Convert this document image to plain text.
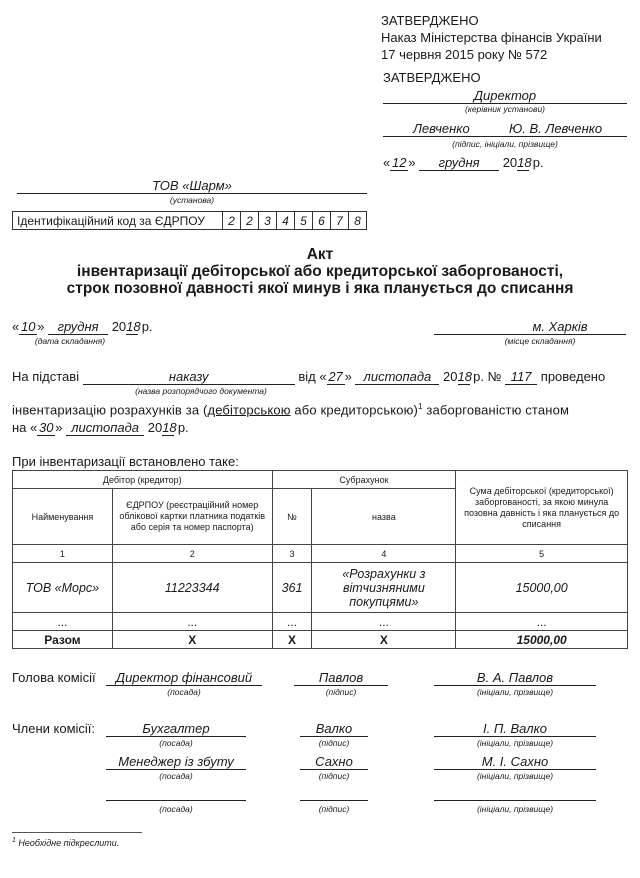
ЗАТВЕРДЖЕНО
Наказ Міністерства фінансів України
17 червня 2015 року № 572
ЗАТВЕРДЖЕНО
Директор
(керівник установи)
Левченко	Ю. В. Левченко
(підпис, ініціали, прізвище)
« 12 » грудня 2018 р.
ТОВ «Шарм»
(установа)
Ідентифікаційний код за ЄДРПОУ	2	2	3	4	5	6	7	8
Акт
інвентаризації дебіторської або кредиторської заборгованості,
строк позовної давності якої минув і яка планується до списання
« 10 » грудня 2018 р.
(дата складання)
м. Харків
(місце складання)
На підставі	наказу	від « 27 » листопада 2018 р. № 117 проведено
(назва розпорядчого документа)
інвентаризацію розрахунків за (дебіторською або кредиторською)$^1$ заборгованістю станом
на « 30 » листопада 2018 р.
При інвентаризації встановлено таке:
Дебітор (кредитор)		Субрахунок		Сума дебіторської (кредиторської) заборгованості, за якою минула позовна давність і яка планується до списання
Найменування	ЄДРПОУ (реєстраційний номер облікової картки платника податків або серія та номер паспорта)	№	назва	
1	2	3	4	5
ТОВ «Морс»	11223344	361	«Розрахунки з вітчизняними покупцями»	15000,00
...	...	...	...	...
Разом	Х	Х	Х	15000,00
Голова комісії	Директор фінансовий	Павлов	В. А. Павлов
(посада)	(підпис)	(ініціали, прізвище)
Члени комісії:	Бухгалтер	Валко	І. П. Валко
(посада)	(підпис)	(ініціали, прізвище)
Менеджер із збуту	Сахно	М. І. Сахно
(посада)	(підпис)	(ініціали, прізвище)
(посада)	(підпис)	(ініціали, прізвище)
$^1$ Необхідне підкреслити.
